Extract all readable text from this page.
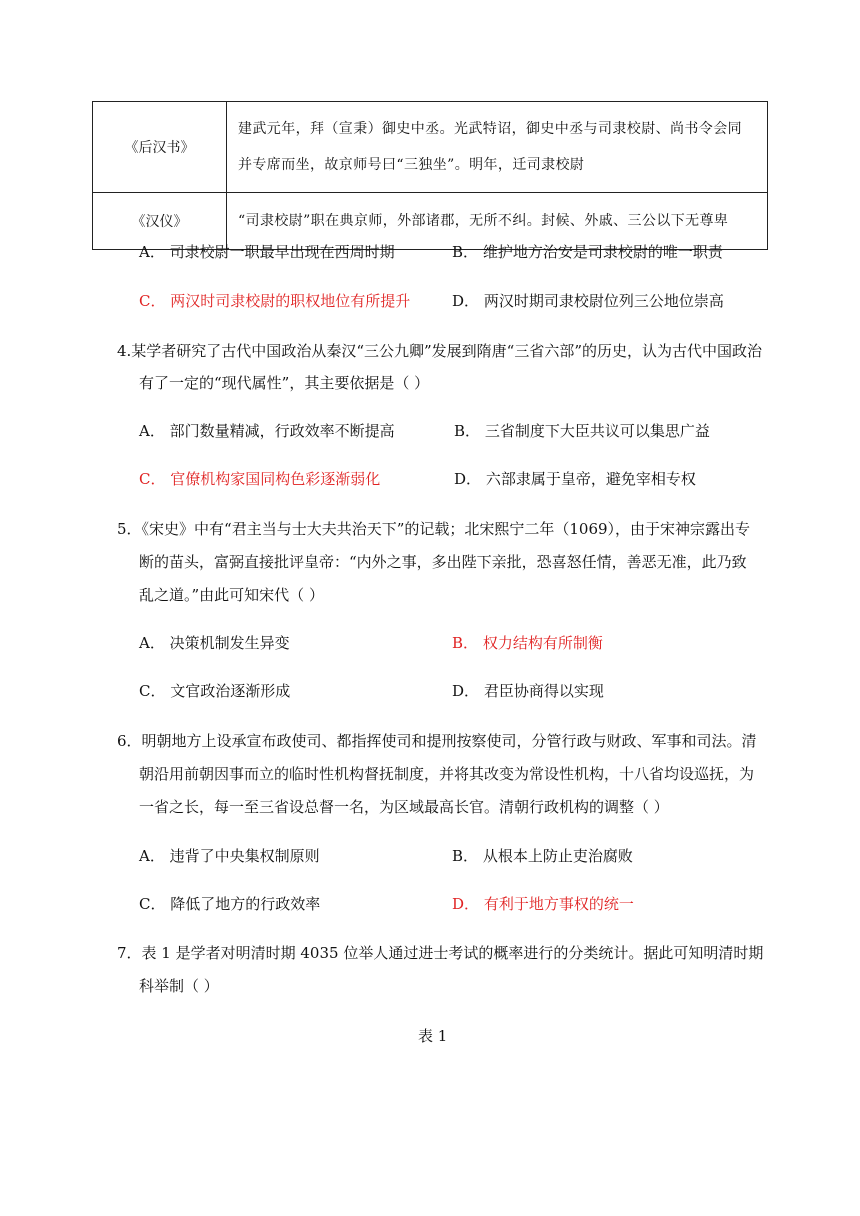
《后汉书》	建武元年，拜（宣秉）御史中丞。光武特诏，御史中丞与司隶校尉、尚书令会同
并专席而坐，故京师号曰“三独坐”。明年，迁司隶校尉

《汉仪》	“司隶校尉”职在典京师，外部诸郡，无所不纠。封候、外戚、三公以下无尊卑
A． 司隶校尉一职最早出现在西周时期	B． 维护地方治安是司隶校尉的唯一职责
C． 两汉时司隶校尉的职权地位有所提升	D． 两汉时期司隶校尉位列三公地位崇高
4.某学者研究了古代中国政治从秦汉“三公九卿”发展到隋唐“三省六部”的历史，认为古代中国政治
有了一定的“现代属性”，其主要依据是（ ）
A． 部门数量精减，行政效率不断提高	B． 三省制度下大臣共议可以集思广益
C． 官僚机构家国同构色彩逐渐弱化	D． 六部隶属于皇帝，避免宰相专权
5．《宋史》中有“君主当与士大夫共治天下”的记载；北宋熙宁二年（1069），由于宋神宗露出专
断的苗头，富弼直接批评皇帝：“内外之事，多出陛下亲批，恐喜怒任情，善恶无准，此乃致
乱之道。”由此可知宋代（ ）
A． 决策机制发生异变	B． 权力结构有所制衡
C． 文官政治逐渐形成	D． 君臣协商得以实现
6．明朝地方上设承宣布政使司、都指挥使司和提刑按察使司，分管行政与财政、军事和司法。清
朝沿用前朝因事而立的临时性机构督抚制度，并将其改变为常设性机构，十八省均设巡抚，为
一省之长，每一至三省设总督一名，为区域最高长官。清朝行政机构的调整（ ）
A． 违背了中央集权制原则	B． 从根本上防止吏治腐败
C． 降低了地方的行政效率	D． 有利于地方事权的统一
7．表 1 是学者对明清时期 4035 位举人通过进士考试的概率进行的分类统计。据此可知明清时期
科举制（ ）
表 1
